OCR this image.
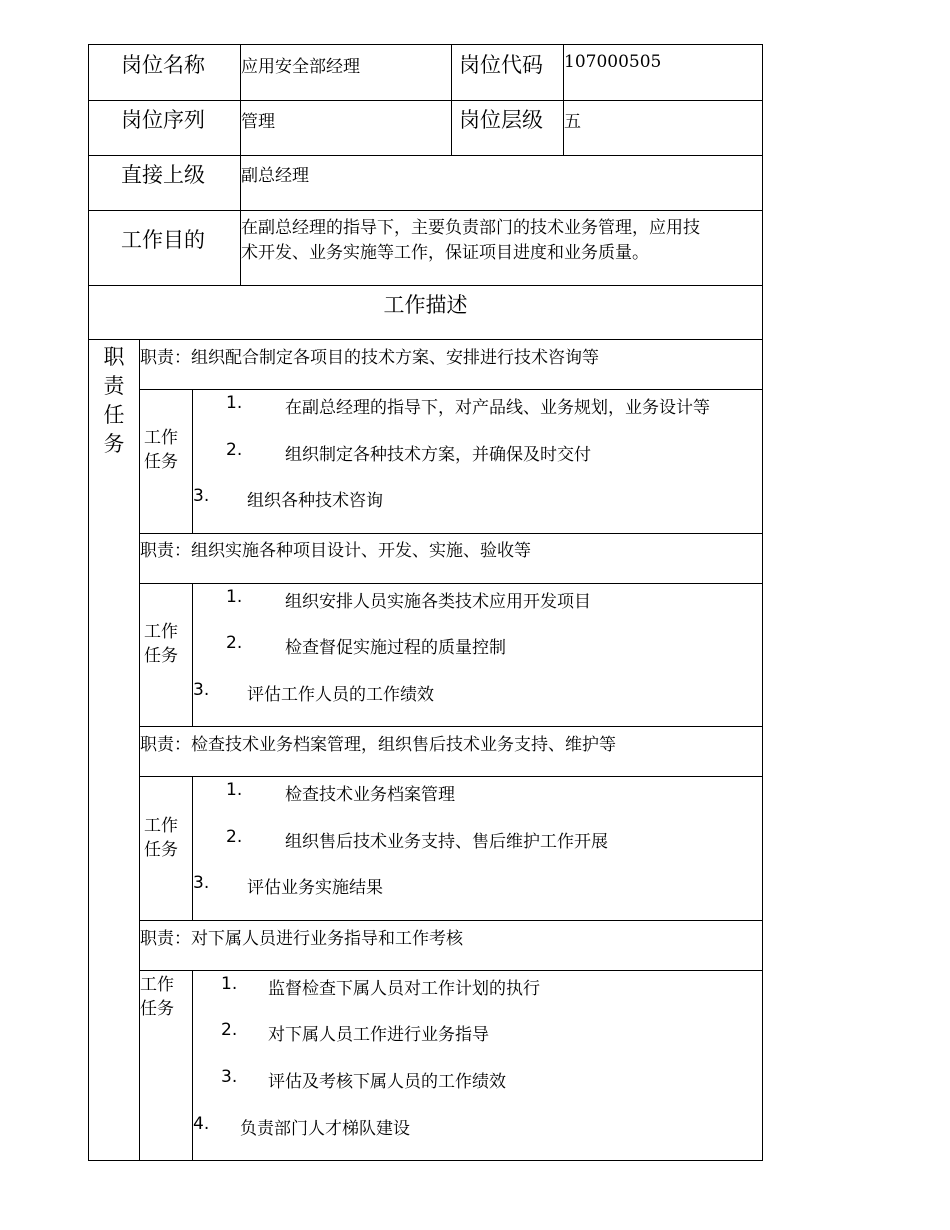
岗位名称 应用安全部经理	岗位代码 107000505
岗位序列 管理	岗位层级 五
直接上级 副总经理
工作目的 在副总经理的指导下，主要负责部门的技术业务管理，应用技
术开发、业务实施等工作，保证项目进度和业务质量。
工作描述
职
责
任
务
职责：组织配合制定各项目的技术方案、安排进行技术咨询等
工作
任务
1.	在副总经理的指导下，对产品线、业务规划，业务设计等
2.	组织制定各种技术方案，并确保及时交付
3. 组织各种技术咨询
职责：组织实施各种项目设计、开发、实施、验收等
工作
任务
1.	组织安排人员实施各类技术应用开发项目
2.	检查督促实施过程的质量控制
3. 评估工作人员的工作绩效
职责：检查技术业务档案管理，组织售后技术业务支持、维护等
工作
任务
1.	检查技术业务档案管理
2.	组织售后技术业务支持、售后维护工作开展
3. 评估业务实施结果
职责：对下属人员进行业务指导和工作考核
工作
任务
1. 监督检查下属人员对工作计划的执行
2. 对下属人员工作进行业务指导
3. 评估及考核下属人员的工作绩效
4. 负责部门人才梯队建设
